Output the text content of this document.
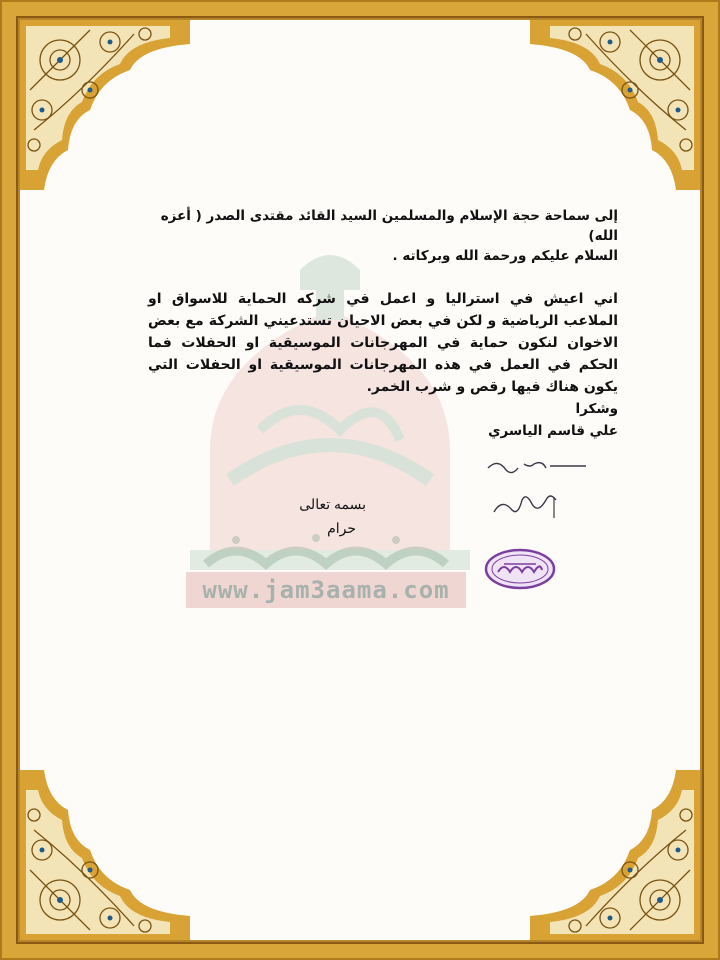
www.jam3aama.com

إلى سماحة حجة الإسلام والمسلمين السيد القائد مقتدى الصدر ( أعزه الله)

السلام عليكم ورحمة الله وبركاته .

اني اعيش في استراليا و اعمل في شركه الحماية للاسواق او الملاعب الرياضية و لكن في بعض الاحيان تستدعيني الشركة مع بعض الاخوان لنكون حماية في المهرجانات الموسيقية او الحفلات فما الحكم في العمل في هذه المهرجانات الموسيقية او الحفلات التي يكون هناك فيها رقص و شرب الخمر.

وشكرا

علي قاسم الياسري

بسمه تعالى
حرام
